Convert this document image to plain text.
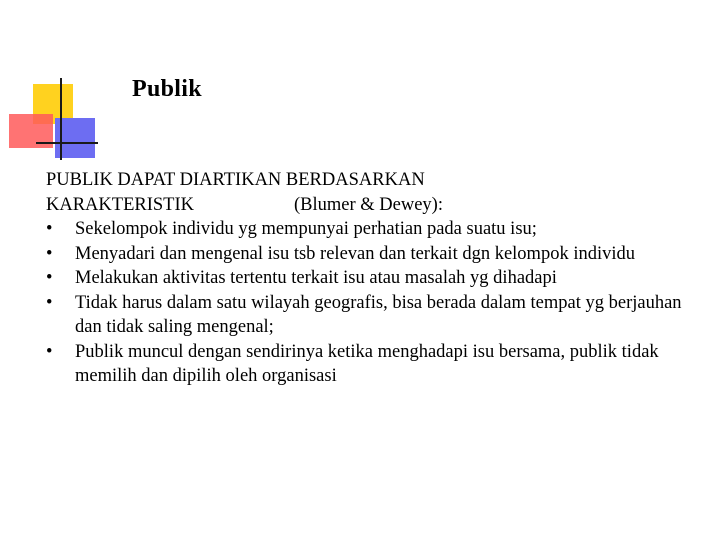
Publik
PUBLIK DAPAT DIARTIKAN BERDASARKAN
KARAKTERISTIK	(Blumer & Dewey):
• Sekelompok individu yg mempunyai perhatian pada suatu isu;
• Menyadari dan mengenal isu tsb relevan dan terkait dgn kelompok individu
• Melakukan aktivitas tertentu terkait isu atau masalah yg dihadapi
• Tidak harus dalam satu wilayah geografis, bisa berada dalam tempat yg berjauhan dan tidak saling mengenal;
• Publik muncul dengan sendirinya ketika menghadapi isu bersama, publik tidak memilih dan dipilih oleh organisasi
